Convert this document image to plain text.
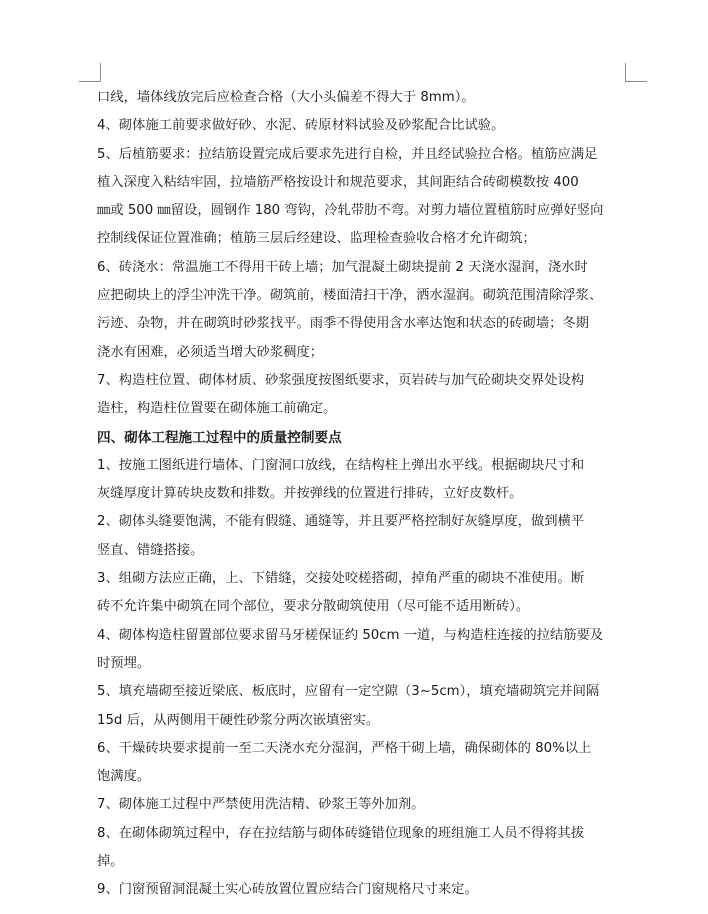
口线，墙体线放完后应检查合格（大小头偏差不得大于 8mm）。
4、砌体施工前要求做好砂、水泥、砖原材料试验及砂浆配合比试验。
5、后植筋要求：拉结筋设置完成后要求先进行自检，并且经试验拉合格。植筋应满足
植入深度入粘结牢固，拉墙筋严格按设计和规范要求，其间距结合砖砌模数按 400
㎜或 500 ㎜留设，圆钢作 180 弯钩，冷轧带肋不弯。对剪力墙位置植筋时应弹好竖向
控制线保证位置准确；植筋三层后经建设、监理检查验收合格才允许砌筑；
6、砖浇水：常温施工不得用干砖上墙；加气混凝土砌块提前 2 天浇水湿润，浇水时
应把砌块上的浮尘冲洗干净。砌筑前，楼面清扫干净，洒水湿润。砌筑范围清除浮浆、
污迹、杂物，并在砌筑时砂浆找平。雨季不得使用含水率达饱和状态的砖砌墙；冬期
浇水有困难，必须适当增大砂浆稠度；
7、构造柱位置、砌体材质、砂浆强度按图纸要求，页岩砖与加气砼砌块交界处设构
造柱，构造柱位置要在砌体施工前确定。
四、砌体工程施工过程中的质量控制要点
1、按施工图纸进行墙体、门窗洞口放线，在结构柱上弹出水平线。根据砌块尺寸和
灰缝厚度计算砖块皮数和排数。并按弹线的位置进行排砖，立好皮数杆。
2、砌体头缝要饱满，不能有假缝、通缝等，并且要严格控制好灰缝厚度，做到横平
竖直、错缝搭接。
3、组砌方法应正确，上、下错缝，交接处咬槎搭砌，掉角严重的砌块不准使用。断
砖不允许集中砌筑在同个部位，要求分散砌筑使用（尽可能不适用断砖）。
4、砌体构造柱留置部位要求留马牙槎保证约 50cm 一道，与构造柱连接的拉结筋要及
时预埋。
5、填充墙砌至接近梁底、板底时，应留有一定空隙（3~5cm），填充墙砌筑完并间隔
15d 后，从两侧用干硬性砂浆分两次嵌填密实。
6、干燥砖块要求提前一至二天浇水充分湿润，严格干砌上墙，确保砌体的 80%以上
饱满度。
7、砌体施工过程中严禁使用洗洁精、砂浆王等外加剂。
8、在砌体砌筑过程中，存在拉结筋与砌体砖缝错位现象的班组施工人员不得将其拔
掉。
9、门窗预留洞混凝土实心砖放置位置应结合门窗规格尺寸来定。
